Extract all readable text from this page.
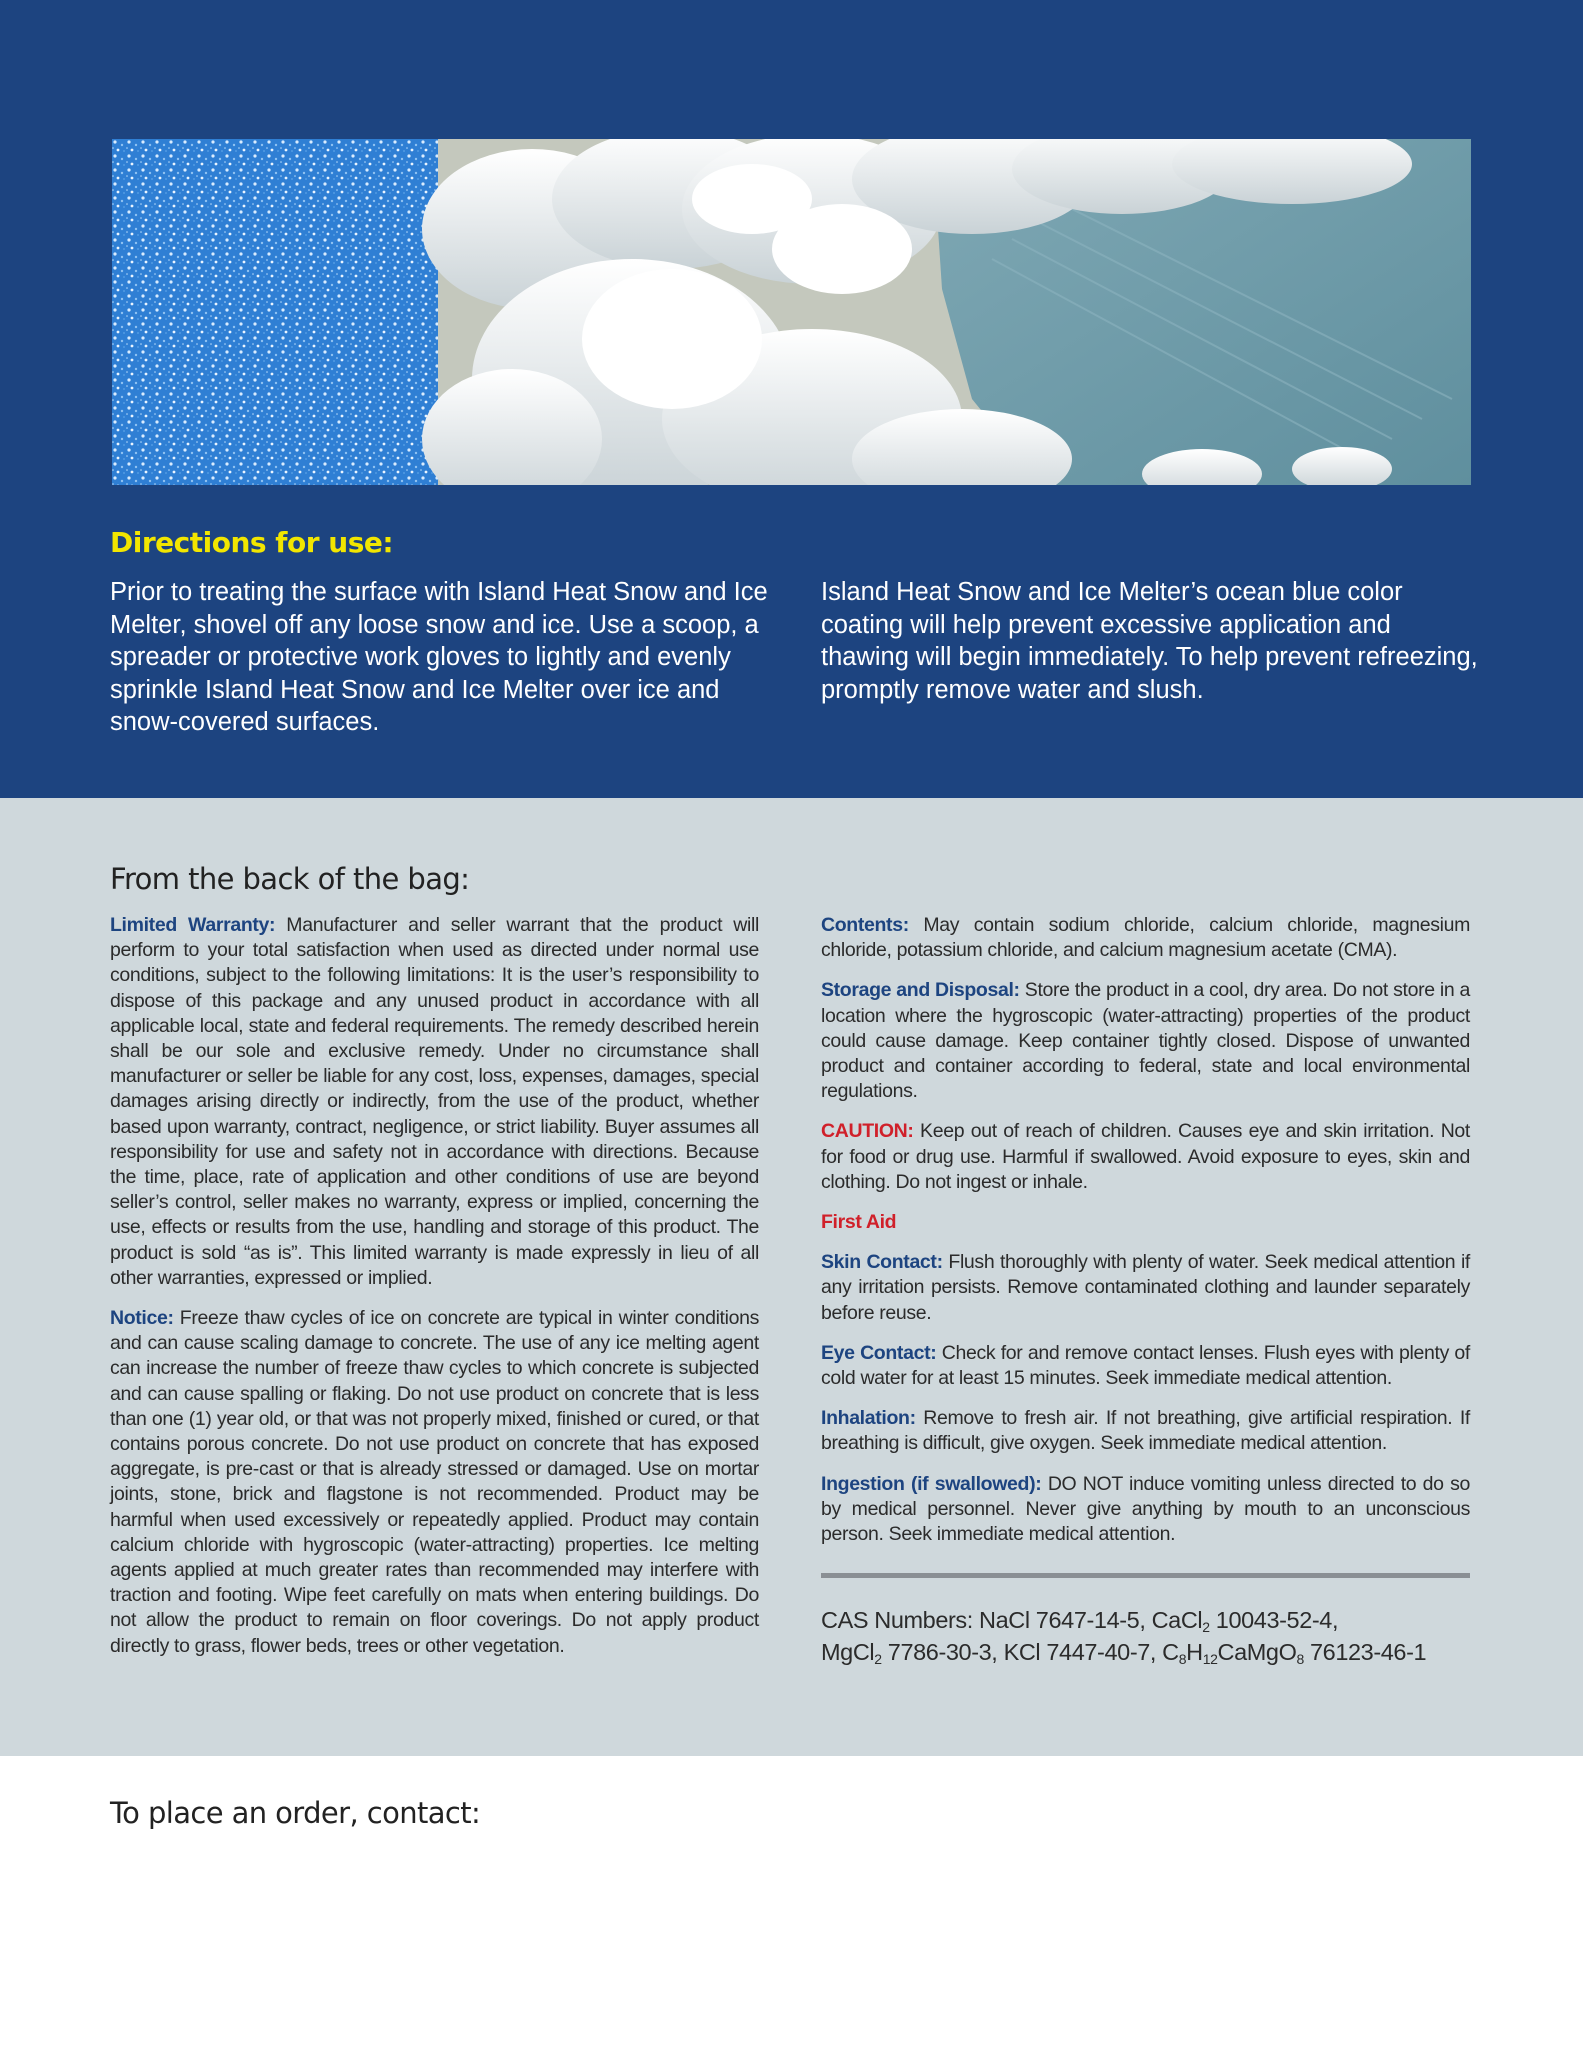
Directions for use:

Prior to treating the surface with Island Heat Snow and Ice Melter, shovel off any loose snow and ice. Use a scoop, a spreader or protective work gloves to lightly and evenly sprinkle Island Heat Snow and Ice Melter over ice and snow-covered surfaces.

Island Heat Snow and Ice Melter’s ocean blue color coating will help prevent excessive application and thawing will begin immediately. To help prevent refreezing, promptly remove water and slush.

From the back of the bag:

Limited Warranty: Manufacturer and seller warrant that the product will perform to your total satisfaction when used as directed under normal use conditions, subject to the following limitations: It is the user’s responsibility to dispose of this package and any unused product in accordance with all applicable local, state and federal requirements. The remedy described herein shall be our sole and exclusive remedy. Under no circumstance shall manufacturer or seller be liable for any cost, loss, expenses, damages, special damages arising directly or indirectly, from the use of the product, whether based upon warranty, contract, negligence, or strict liability. Buyer assumes all responsibility for use and safety not in accordance with directions. Because the time, place, rate of application and other conditions of use are beyond seller’s control, seller makes no warranty, express or implied, concerning the use, effects or results from the use, handling and storage of this product. The product is sold “as is”. This limited warranty is made expressly in lieu of all other warranties, expressed or implied.

Notice: Freeze thaw cycles of ice on concrete are typical in winter conditions and can cause scaling damage to concrete. The use of any ice melting agent can increase the number of freeze thaw cycles to which concrete is subjected and can cause spalling or flaking. Do not use product on concrete that is less than one (1) year old, or that was not properly mixed, finished or cured, or that contains porous concrete. Do not use product on concrete that has exposed aggregate, is pre-cast or that is already stressed or damaged. Use on mortar joints, stone, brick and flagstone is not recommended. Product may be harmful when used excessively or repeatedly applied. Product may contain calcium chloride with hygroscopic (water-attracting) properties. Ice melting agents applied at much greater rates than recommended may interfere with traction and footing. Wipe feet carefully on mats when entering buildings. Do not allow the product to remain on floor coverings. Do not apply product directly to grass, flower beds, trees or other vegetation.

Contents: May contain sodium chloride, calcium chloride, magnesium chloride, potassium chloride, and calcium magnesium acetate (CMA).

Storage and Disposal: Store the product in a cool, dry area. Do not store in a location where the hygroscopic (water-attracting) properties of the product could cause damage. Keep container tightly closed. Dispose of unwanted product and container according to federal, state and local environmental regulations.

CAUTION: Keep out of reach of children. Causes eye and skin irritation. Not for food or drug use. Harmful if swallowed. Avoid exposure to eyes, skin and clothing. Do not ingest or inhale.

First Aid

Skin Contact: Flush thoroughly with plenty of water. Seek medical attention if any irritation persists. Remove contaminated clothing and launder separately before reuse.

Eye Contact: Check for and remove contact lenses. Flush eyes with plenty of cold water for at least 15 minutes. Seek immediate medical attention.

Inhalation: Remove to fresh air. If not breathing, give artificial respiration. If breathing is difficult, give oxygen. Seek immediate medical attention.

Ingestion (if swallowed): DO NOT induce vomiting unless directed to do so by medical personnel. Never give anything by mouth to an unconscious person. Seek immediate medical attention.

CAS Numbers: NaCl 7647-14-5, CaCl$_2$ 10043-52-4,
MgCl$_2$ 7786-30-3, KCl 7447-40-7, $C_8H_{12}CaMgO_8$ 76123-46-1
To place an order, contact:
